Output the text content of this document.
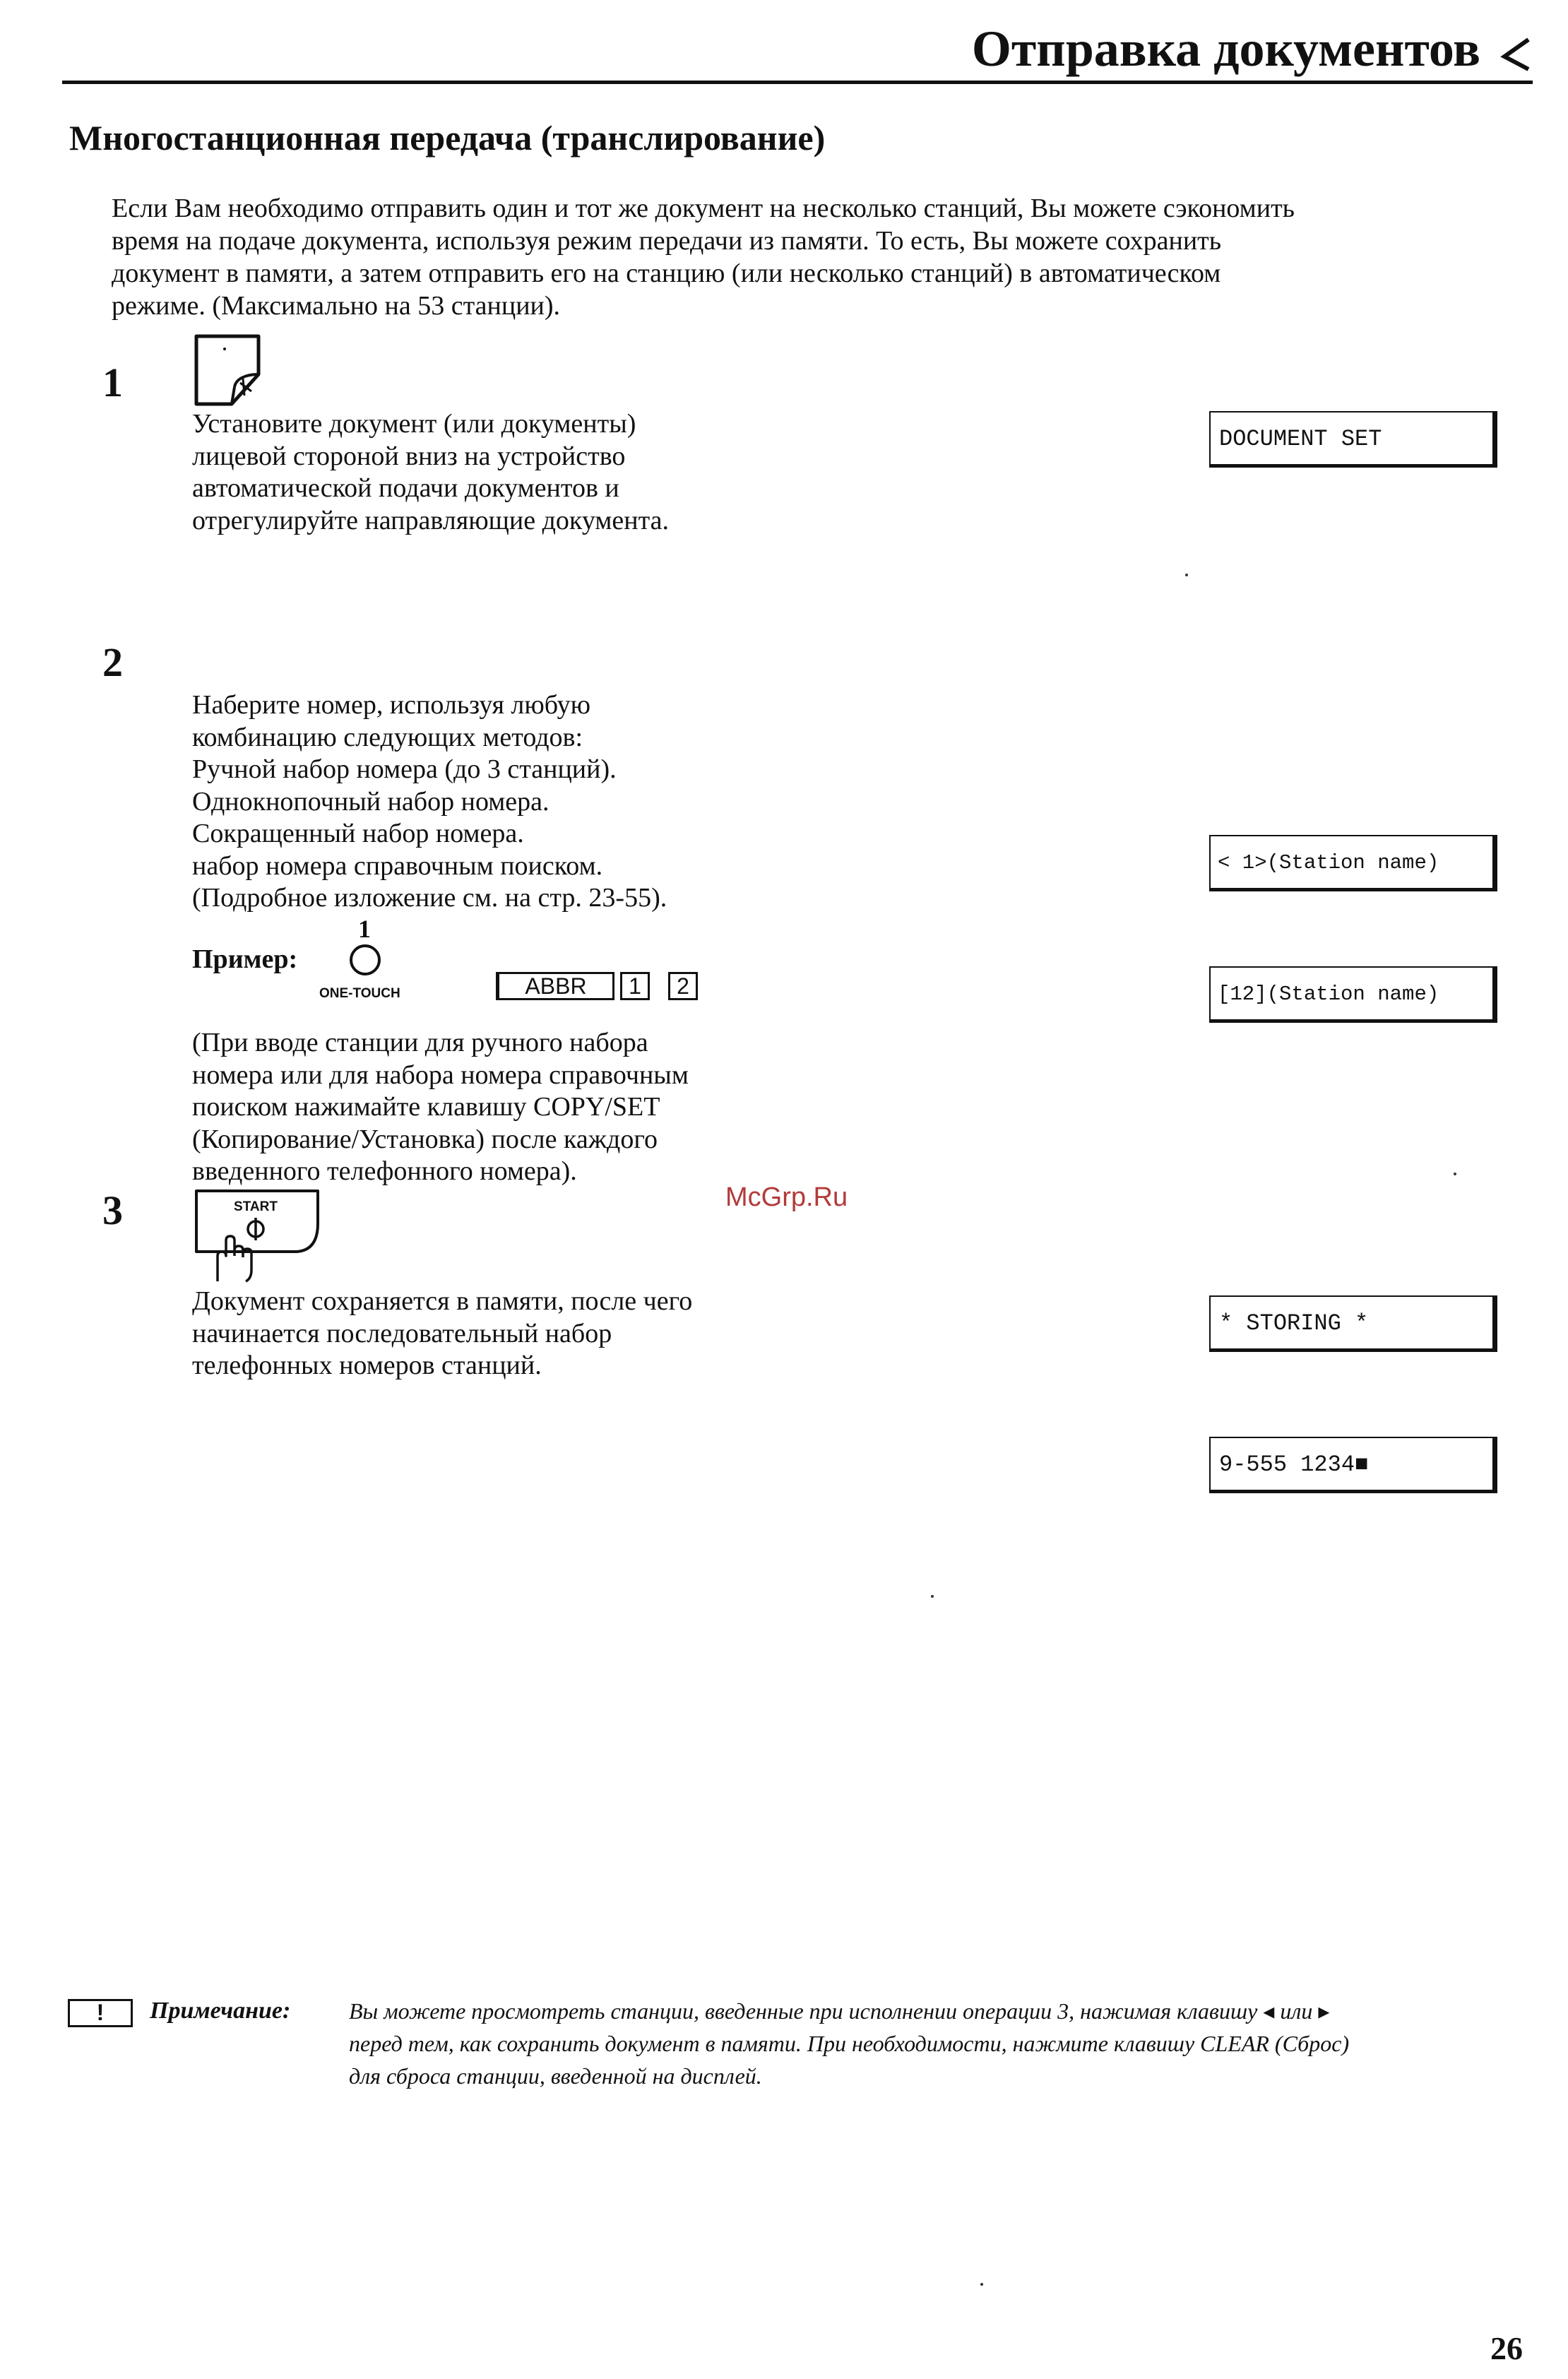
Отправка документов
Многостанционная передача (транслирование)
Если Вам необходимо отправить один и тот же документ на несколько станций, Вы можете сэкономить
время на подаче документа, используя режим передачи из памяти. То есть, Вы можете сохранить
документ в памяти, а затем отправить его на станцию (или несколько станций) в автоматическом
режиме. (Максимально на 53 станции).
1
Установите документ (или документы)
лицевой стороной вниз на устройство
автоматической подачи документов и
отрегулируйте направляющие документа.
DOCUMENT SET
2
Наберите номер, используя любую
комбинацию следующих методов:
Ручной набор номера (до 3 станций).
Однокнопочный набор номера.
Сокращенный набор номера.
набор номера справочным поиском.
(Подробное изложение см. на стр. 23-55).
< 1>(Station name)
Пример:
1
ONE-TOUCH	ABBR	1	2	[12](Station name)
(При вводе станции для ручного набора
номера или для набора номера справочным
поиском нажимайте клавишу COPY/SET
(Копирование/Установка) после каждого
введенного телефонного номера).
3	START
Документ сохраняется в памяти, после чего
начинается последовательный набор
телефонных номеров станций.
* STORING *
9-555 1234■
McGrp.Ru
!	Примечание:	Вы можете просмотреть станции, введенные при исполнении операции 3, нажимая клавишу ◂ или ▸
перед тем, как сохранить документ в памяти. При необходимости, нажмите клавишу CLEAR (Сброс)
для сброса станции, введенной на дисплей.
26
